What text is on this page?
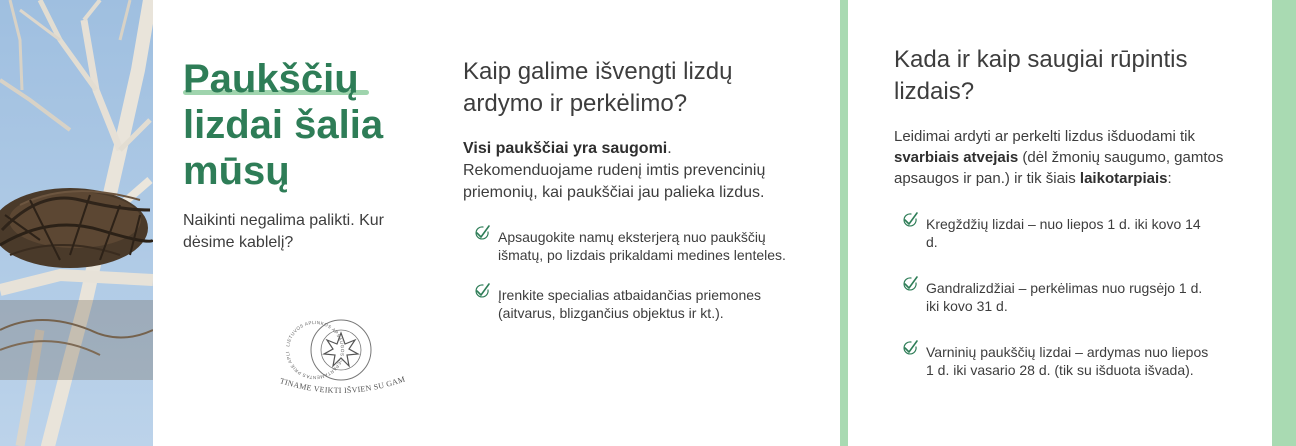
Paukščių
lizdai šalia
mūsų

Naikinti negalima palikti. Kur dėsime kablelį?

LIETUVOS APLINKOS APSAUGOS DEPARTAMENTAS PRIE APLI
TINAME VEIKTI IŠVIEN SU GA
Kaip galime išvengti lizdų ardymo ir perkėlimo?

Visi paukščiai yra saugomi. Rekomenduojame rudenį imtis prevencinių priemonių, kai paukščiai jau palieka lizdus.

Apsaugokite namų eksterjerą nuo paukščių išmatų, po lizdais prikaldami medines lenteles.
Įrenkite specialias atbaidančias priemones (aitvarus, blizgančius objektus ir kt.).
Kada ir kaip saugiai rūpintis lizdais?

Leidimai ardyti ar perkelti lizdus išduodami tik svarbiais atvejais (dėl žmonių saugumo, gamtos apsaugos ir pan.) ir tik šiais laikotarpiais:

Kregždžių lizdai – nuo liepos 1 d. iki kovo 14 d.
Gandralizdžiai – perkėlimas nuo rugsėjo 1 d. iki kovo 31 d.
Varninių paukščių lizdai – ardymas nuo liepos 1 d. iki vasario 28 d. (tik su išduota išvada).
